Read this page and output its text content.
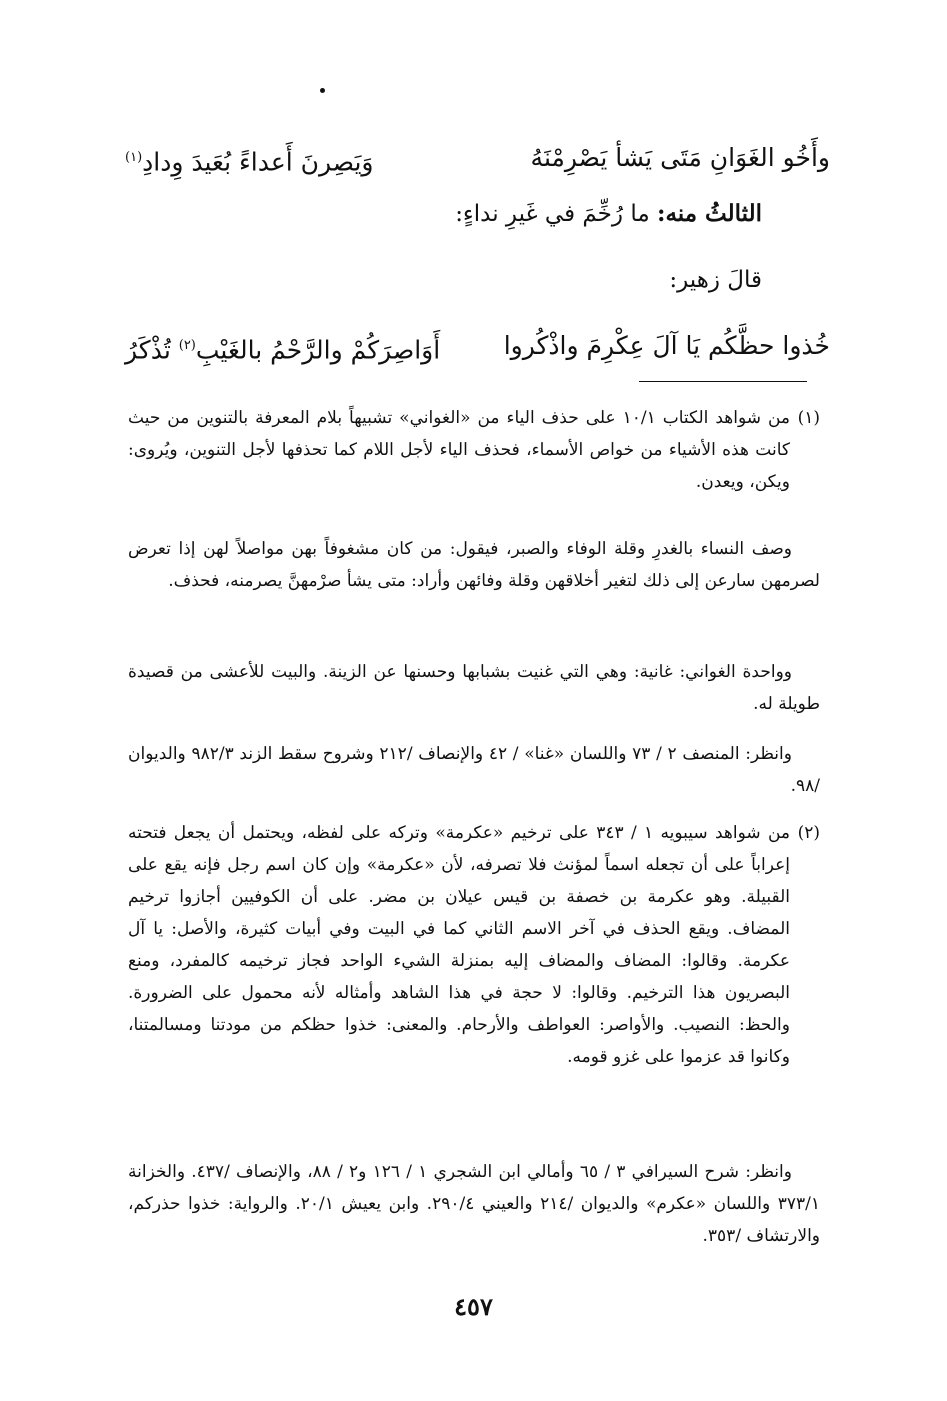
وأَخُو الغَوَانِ مَتَى يَشأ يَصْرِمْنَهُ
وَيَصِرنَ أَعداءً بُعَيدَ وِدادِ$^{(١)}$
الثالثُ منه: ما رُخِّمَ في غَيرِ نداءٍ:
قالَ زهير:
خُذوا حظَّكُم يَا آلَ عِكْرِمَ واذْكُروا
أَوَاصِرَكُمْ والرَّحْمُ بالغَيْبِ$^{(٢)}$ تُذْكَرُ

(١)
من شواهد الكتاب ١٠/١ على حذف الياء من «الغواني» تشبيهاً بلام المعرفة بالتنوين من حيث كانت هذه الأشياء من خواص الأسماء، فحذف الياء لأجل اللام كما تحذفها لأجل التنوين، ويُروى: ويكن، ويعدن.

وصف النساء بالغدرِ وقلة الوفاء والصبر، فيقول: من كان مشغوفاً بهن مواصلاً لهن إذا تعرض لصرمهن سارعن إلى ذلك لتغير أخلاقهن وقلة وفائهن وأراد: متى يشأ صرْمهنَّ يصرمنه، فحذف.

وواحدة الغواني: غانية: وهي التي غنيت بشبابها وحسنها عن الزينة. والبيت للأعشى من قصيدة طويلة له.

وانظر: المنصف ٢ / ٧٣ واللسان «غنا» / ٤٢ والإنصاف /٢١٢ وشروح سقط الزند ٩٨٢/٣ والديوان /٩٨.

(٢)
من شواهد سيبويه ١ / ٣٤٣ على ترخيم «عكرمة» وتركه على لفظه، ويحتمل أن يجعل فتحته إعراباً على أن تجعله اسماً لمؤنث فلا تصرفه، لأن «عكرمة» وإن كان اسم رجل فإنه يقع على القبيلة. وهو عكرمة بن خصفة بن قيس عيلان بن مضر. على أن الكوفيين أجازوا ترخيم المضاف. ويقع الحذف في آخر الاسم الثاني كما في البيت وفي أبيات كثيرة، والأصل: يا آل عكرمة. وقالوا: المضاف والمضاف إليه بمنزلة الشيء الواحد فجاز ترخيمه كالمفرد، ومنع البصريون هذا الترخيم. وقالوا: لا حجة في هذا الشاهد وأمثاله لأنه محمول على الضرورة. والحظ: النصيب. والأواصر: العواطف والأرحام. والمعنى: خذوا حظكم من مودتنا ومسالمتنا، وكانوا قد عزموا على غزو قومه.

وانظر: شرح السيرافي ٣ / ٦٥ وأمالي ابن الشجري ١ / ١٢٦ و٢ / ٨٨، والإنصاف /٤٣٧. والخزانة ٣٧٣/١ واللسان «عكرم» والديوان /٢١٤ والعيني ٢٩٠/٤. وابن يعيش ٢٠/١. والرواية: خذوا حذركم، والارتشاف /٣٥٣.

٤٥٧
